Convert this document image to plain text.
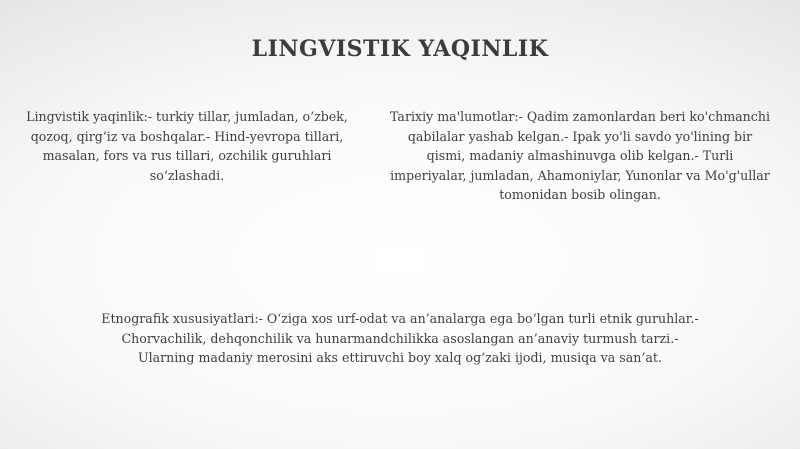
LINGVISTIK YAQINLIK

Lingvistik yaqinlik:- turkiy tillar, jumladan, o‘zbek, qozoq, qirg‘iz va boshqalar.- Hind-yevropa tillari, masalan, fors va rus tillari, ozchilik guruhlari so‘zlashadi.

Tarixiy ma'lumotlar:- Qadim zamonlardan beri ko'chmanchi qabilalar yashab kelgan.- Ipak yo'li savdo yo'lining bir qismi, madaniy almashinuvga olib kelgan.- Turli imperiyalar, jumladan, Ahamoniylar, Yunonlar va Mo'g'ullar tomonidan bosib olingan.

Etnografik xususiyatlari:- O‘ziga xos urf-odat va an’analarga ega bo‘lgan turli etnik guruhlar.- Chorvachilik, dehqonchilik va hunarmandchilikka asoslangan an’anaviy turmush tarzi.- Ularning madaniy merosini aks ettiruvchi boy xalq og‘zaki ijodi, musiqa va san’at.
